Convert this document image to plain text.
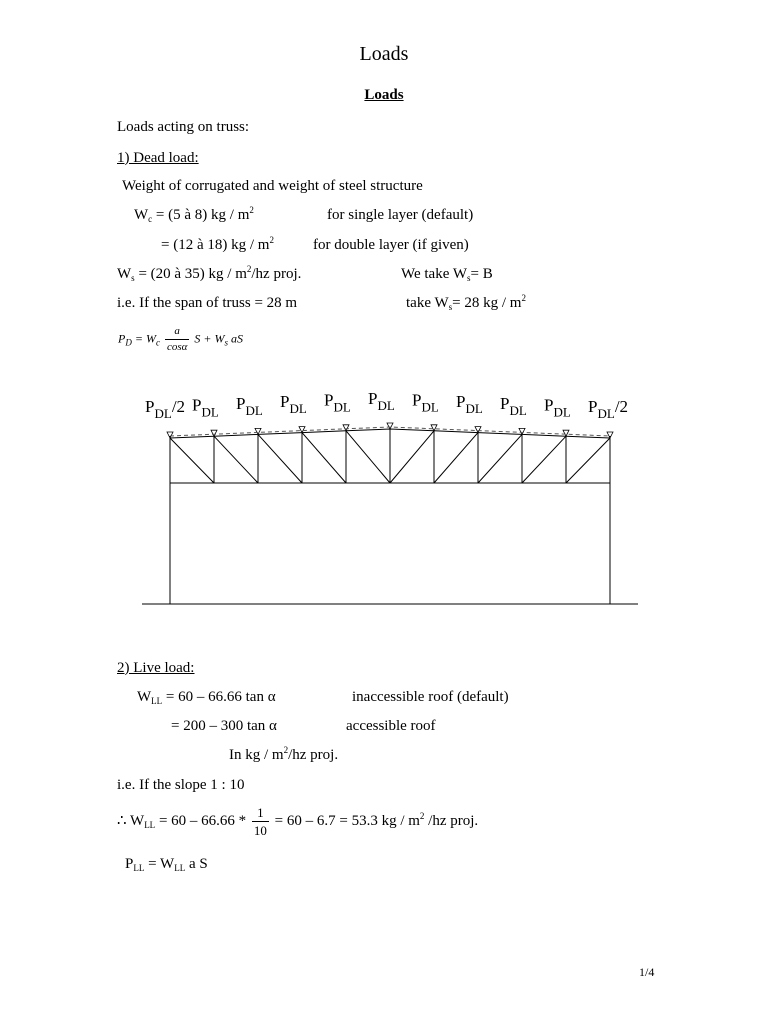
Loads
Loads
Loads acting on truss:
1) Dead load:
Weight of corrugated and weight of steel structure
$W_c = (5$ à 8) kg / $m^2$	for single layer (default)
= (12 à 18) kg / $m^2$	for double layer (if given)
$W_s = (20$ à 35) kg / $m^2/hz$ proj.	We take $W_s= B$
i.e. If the span of truss = 28 m	take $W_s= 28$ kg / $m^2$
$P_D = W_c \frac{a}{\cos\alpha}$ $S + W_s$ aS
$P_{DL}/2$ $P_{DL}$ $P_{DL}$ $P_{DL}$ $P_{DL}$ $P_{DL}$ $P_{DL}$ $P_{DL}$ $P_{DL}$ $P_{DL}$ $P_{DL}/2$
2) Live load:
$W_{LL} = 60 - 66.66$ tan α	inaccessible roof (default)
= 200 – 300 tan α	accessible roof
In kg / $m^2/hz$ proj.
i.e. If the slope 1 : 10
∴ $W_{LL} = 60 - 66.66 * \frac{1}{10} = 60 - 6.7 = 53.3$ kg / $m^2$ /hz proj.
$P_{LL} = W_{LL}$ a S
1/4
